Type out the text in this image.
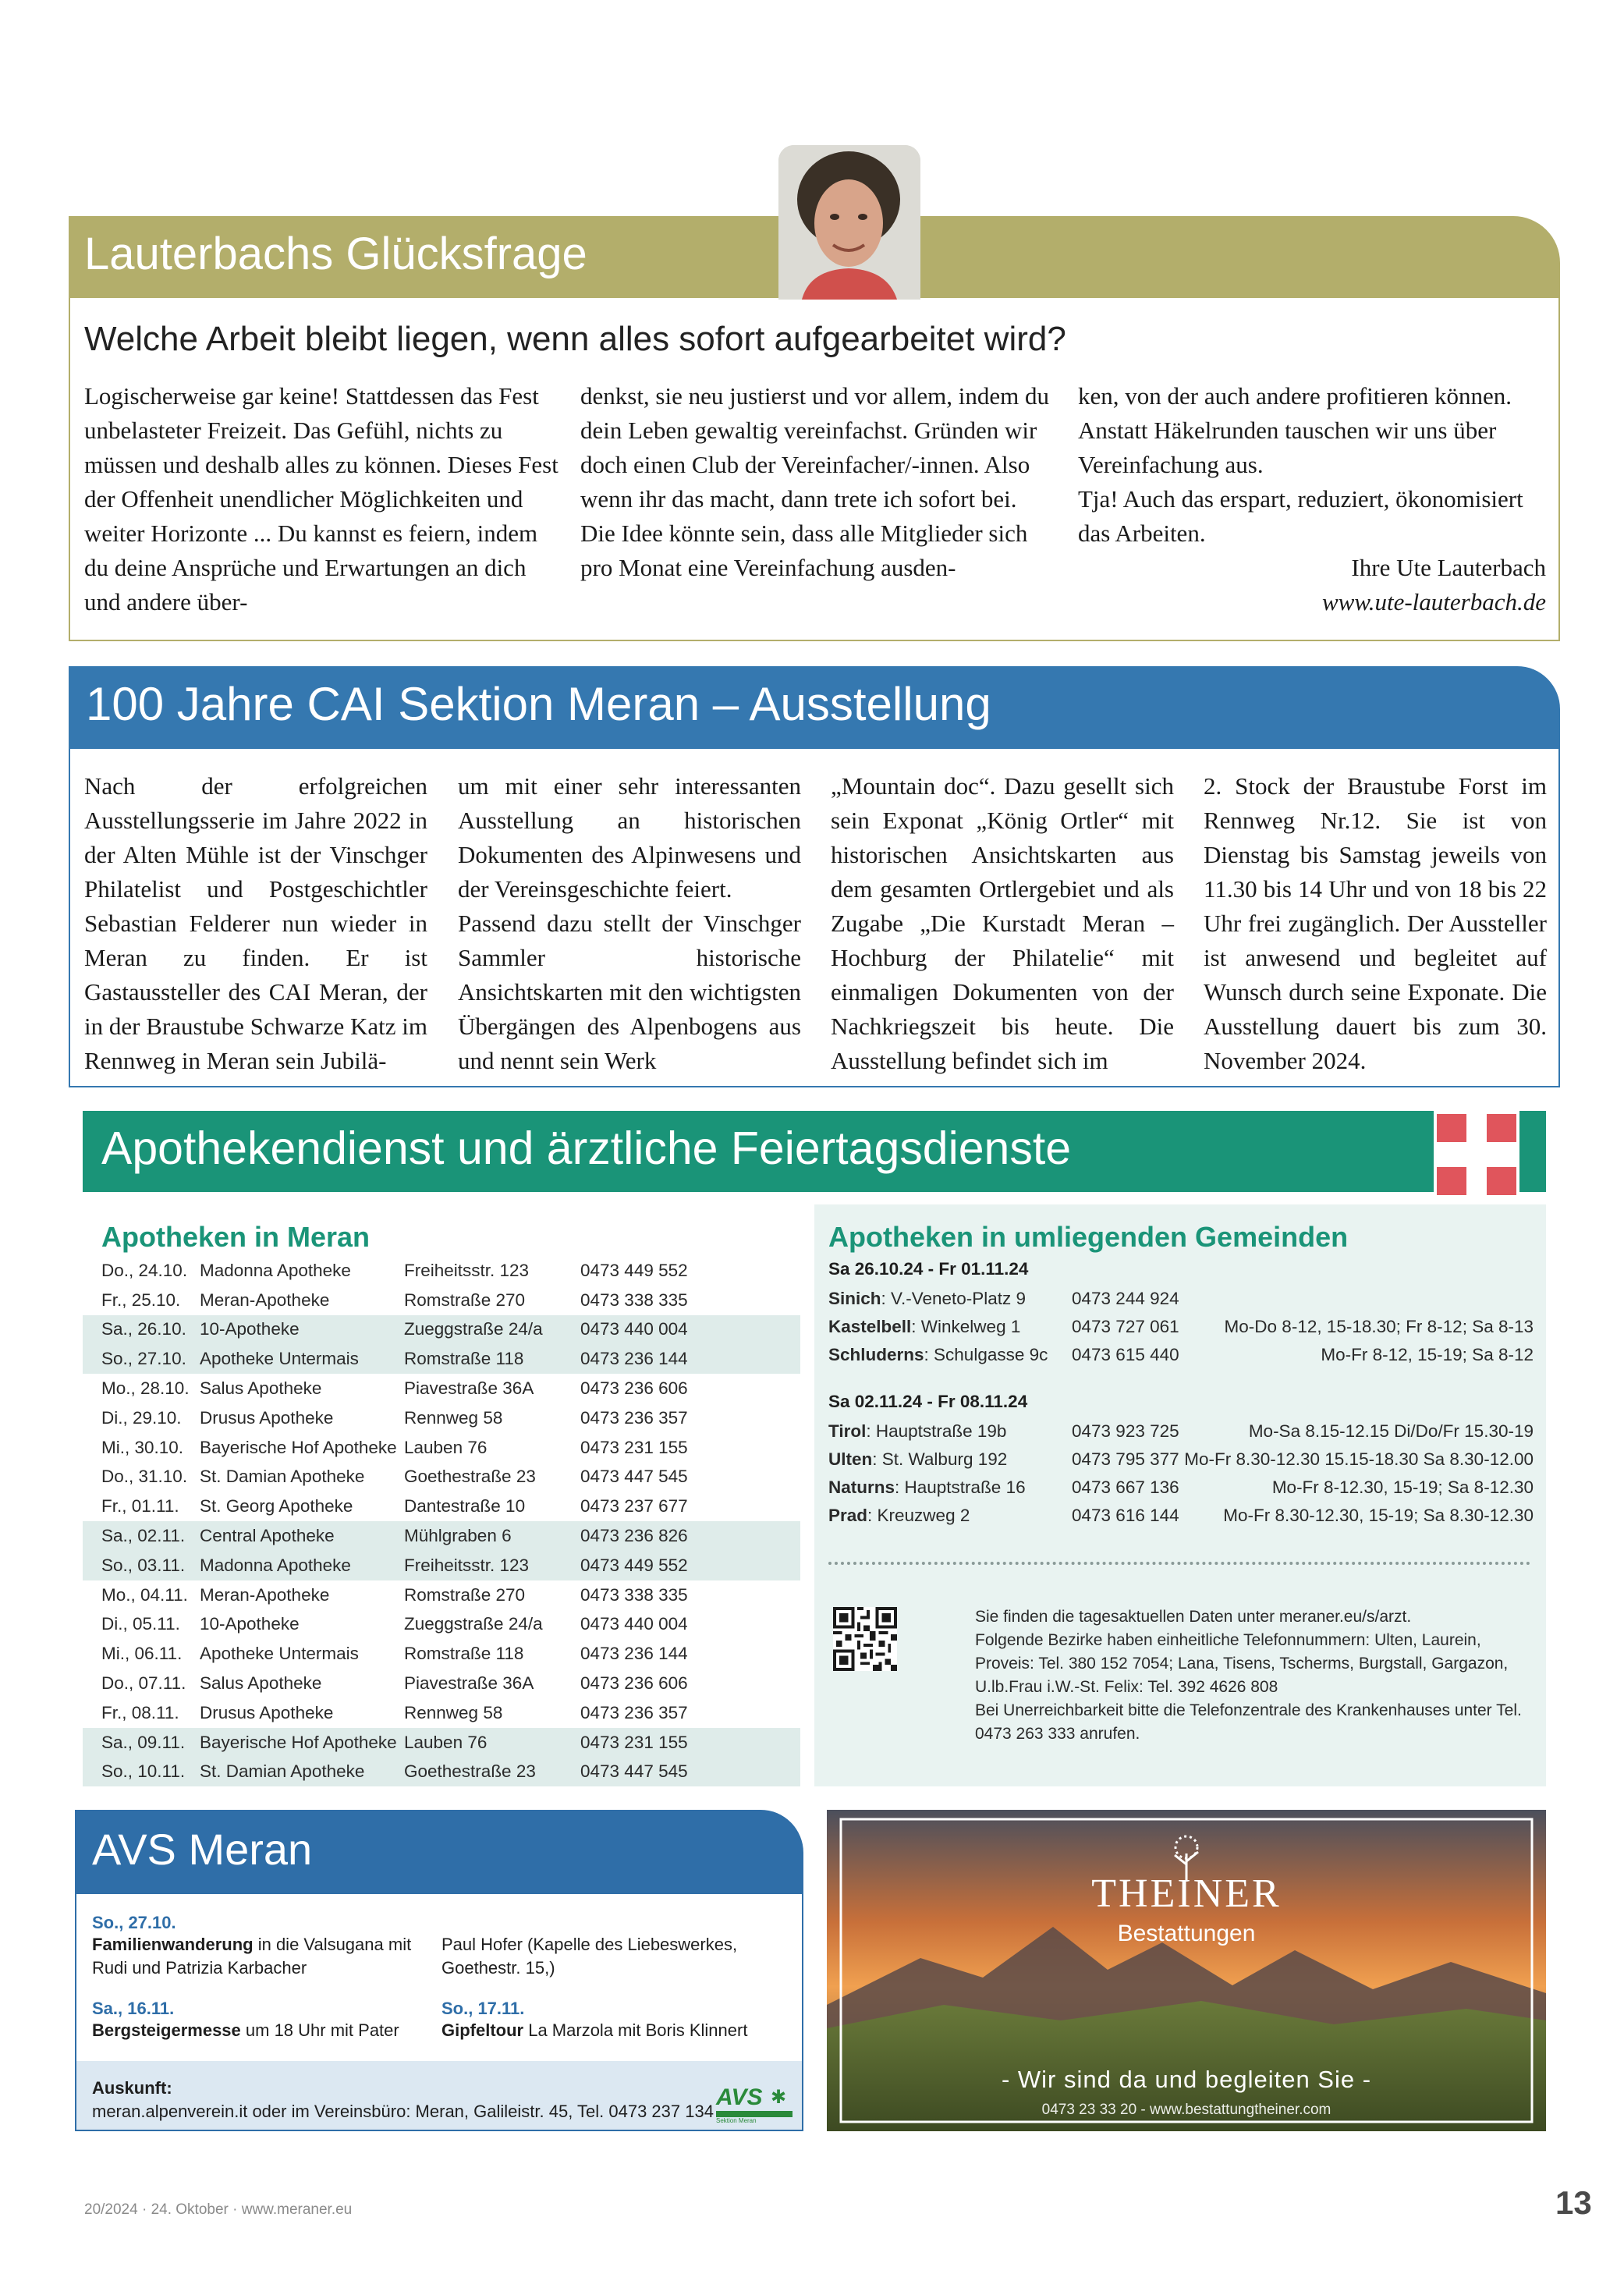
Lauterbachs Glücksfrage
Welche Arbeit bleibt liegen, wenn alles sofort aufgearbeitet wird?

Logischerweise gar keine! Stattdessen das Fest unbelasteter Freizeit. Das Gefühl, nichts zu müssen und deshalb alles zu können. Dieses Fest der Offenheit unendlicher Möglichkeiten und weiter Horizonte ... Du kannst es feiern, indem du deine Ansprüche und Erwartungen an dich und andere über-

denkst, sie neu justierst und vor allem, indem du dein Leben gewaltig vereinfachst. Gründen wir doch einen Club der Vereinfacher/-innen. Also wenn ihr das macht, dann trete ich sofort bei.

Die Idee könnte sein, dass alle Mitglieder sich pro Monat eine Vereinfachung ausden-

ken, von der auch andere profitieren können. Anstatt Häkelrunden tauschen wir uns über Vereinfachung aus.

Tja! Auch das erspart, reduziert, ökonomisiert das Arbeiten.

Ihre Ute Lauterbach

www.ute-lauterbach.de

100 Jahre CAI Sektion Meran – Ausstellung

Nach der erfolgreichen Ausstellungsserie im Jahre 2022 in der Alten Mühle ist der Vinschger Philatelist und Postgeschichtler Sebastian Felderer nun wieder in Meran zu finden. Er ist Gastaussteller des CAI Meran, der in der Braustube Schwarze Katz im Rennweg in Meran sein Jubilä-

um mit einer sehr interessanten Ausstellung an historischen Dokumenten des Alpinwesens und der Vereinsgeschichte feiert.

Passend dazu stellt der Vinschger Sammler historische Ansichtskarten mit den wichtigsten Übergängen des Alpenbogens aus und nennt sein Werk

„Mountain doc“. Dazu gesellt sich sein Exponat „König Ortler“ mit historischen Ansichtskarten aus dem gesamten Ortlergebiet und als Zugabe „Die Kurstadt Meran – Hochburg der Philatelie“ mit einmaligen Dokumenten von der Nachkriegszeit bis heute. Die Ausstellung befindet sich im

2. Stock der Braustube Forst im Rennweg Nr.12. Sie ist von Dienstag bis Samstag jeweils von 11.30 bis 14 Uhr und von 18 bis 22 Uhr frei zugänglich. Der Aussteller ist anwesend und begleitet auf Wunsch durch seine Exponate. Die Ausstellung dauert bis zum 30. November 2024.

Apothekendienst und ärztliche Feiertagsdienste
Apotheken in Meran	Apotheken in umliegenden Gemeinden
Do., 24.10.	Madonna Apotheke	Freiheitsstr. 123	0473 449 552
Fr., 25.10.	Meran-Apotheke	Romstraße 270	0473 338 335
Sa., 26.10.	10-Apotheke	Zueggstraße 24/a	0473 440 004
So., 27.10.	Apotheke Untermais	Romstraße 118	0473 236 144
Mo., 28.10.	Salus Apotheke	Piavestraße 36A	0473 236 606
Di., 29.10.	Drusus Apotheke	Rennweg 58	0473 236 357
Mi., 30.10.	Bayerische Hof Apotheke	Lauben 76	0473 231 155
Do., 31.10.	St. Damian Apotheke	Goethestraße 23	0473 447 545
Fr., 01.11.	St. Georg Apotheke	Dantestraße 10	0473 237 677
Sa., 02.11.	Central Apotheke	Mühlgraben 6	0473 236 826
So., 03.11.	Madonna Apotheke	Freiheitsstr. 123	0473 449 552
Mo., 04.11.	Meran-Apotheke	Romstraße 270	0473 338 335
Di., 05.11.	10-Apotheke	Zueggstraße 24/a	0473 440 004
Mi., 06.11.	Apotheke Untermais	Romstraße 118	0473 236 144
Do., 07.11.	Salus Apotheke	Piavestraße 36A	0473 236 606
Fr., 08.11.	Drusus Apotheke	Rennweg 58	0473 236 357
Sa., 09.11.	Bayerische Hof Apotheke	Lauben 76	0473 231 155
So., 10.11.	St. Damian Apotheke	Goethestraße 23	0473 447 545
Sa 26.10.24 - Fr 01.11.24
Sa 02.11.24 - Fr 08.11.24
Sinich: V.-Veneto-Platz 9	0473 244 924
Kastelbell: Winkelweg 1	0473 727 061	Mo-Do 8-12, 15-18.30; Fr 8-12; Sa 8-13
Schluderns: Schulgasse 9c 0473 615 440	Mo-Fr 8-12, 15-19; Sa 8-12
Tirol: Hauptstraße 19b	0473 923 725	Mo-Sa 8.15-12.15 Di/Do/Fr 15.30-19
Ulten: St. Walburg 192	0473 795 377 Mo-Fr 8.30-12.30 15.15-18.30 Sa 8.30-12.00
Naturns: Hauptstraße 16	0473 667 136	Mo-Fr 8-12.30, 15-19; Sa 8-12.30
Prad: Kreuzweg 2	0473 616 144	Mo-Fr 8.30-12.30, 15-19; Sa 8.30-12.30

Sie finden die tagesaktuellen Daten unter meraner.eu/s/arzt.

Folgende Bezirke haben einheitliche Telefonnummern: Ulten, Laurein, Proveis: Tel. 380 152 7054; Lana, Tisens, Tscherms, Burgstall, Gargazon, U.lb.Frau i.W.-St. Felix: Tel. 392 4626 808

Bei Unerreichbarkeit bitte die Telefonzentrale des Krankenhauses unter Tel. 0473 263 333 anrufen.

AVS Meran
So., 27.10.
Familienwanderung in die Valsugana mit Rudi und Patrizia Karbacher
Paul Hofer (Kapelle des Liebeswerkes, Goethestr. 15,)
Sa., 16.11.
Bergsteigermesse um 18 Uhr mit Pater
So., 17.11.
Gipfeltour La Marzola mit Boris Klinnert
Auskunft:
meran.alpenverein.it oder im Vereinsbüro: Meran, Galileistr. 45, Tel. 0473 237 134
AVS ✱
Sektion Meran
THEINER
Bestattungen
- Wir sind da und begleiten Sie -
0473 23 33 20 - www.bestattungtheiner.com
20/2024 · 24. Oktober · www.meraner.eu	13
